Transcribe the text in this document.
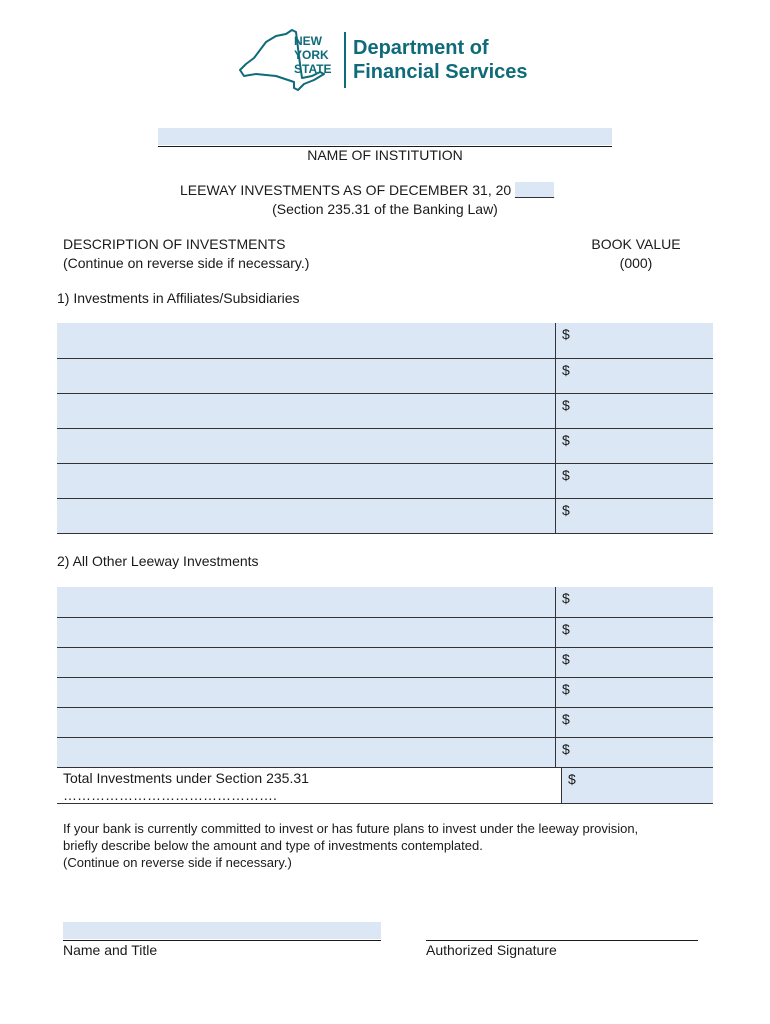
NEW
YORK
STATE
Department of
Financial Services
NAME OF INSTITUTION
LEEWAY INVESTMENTS AS OF DECEMBER 31, 20 _____
(Section 235.31 of the Banking Law)
DESCRIPTION OF INVESTMENTS
(Continue on reverse side if necessary.)
BOOK VALUE
(000)
1) Investments in Affiliates/Subsidiaries
$
$
$
$
$
$
2) All Other Leeway Investments
$
$
$
$
$
$
Total Investments under Section 235.31
……………………………………….
$
If your bank is currently committed to invest or has future plans to invest under the leeway provision,
briefly describe below the amount and type of investments contemplated.
(Continue on reverse side if necessary.)
Name and Title	Authorized Signature
